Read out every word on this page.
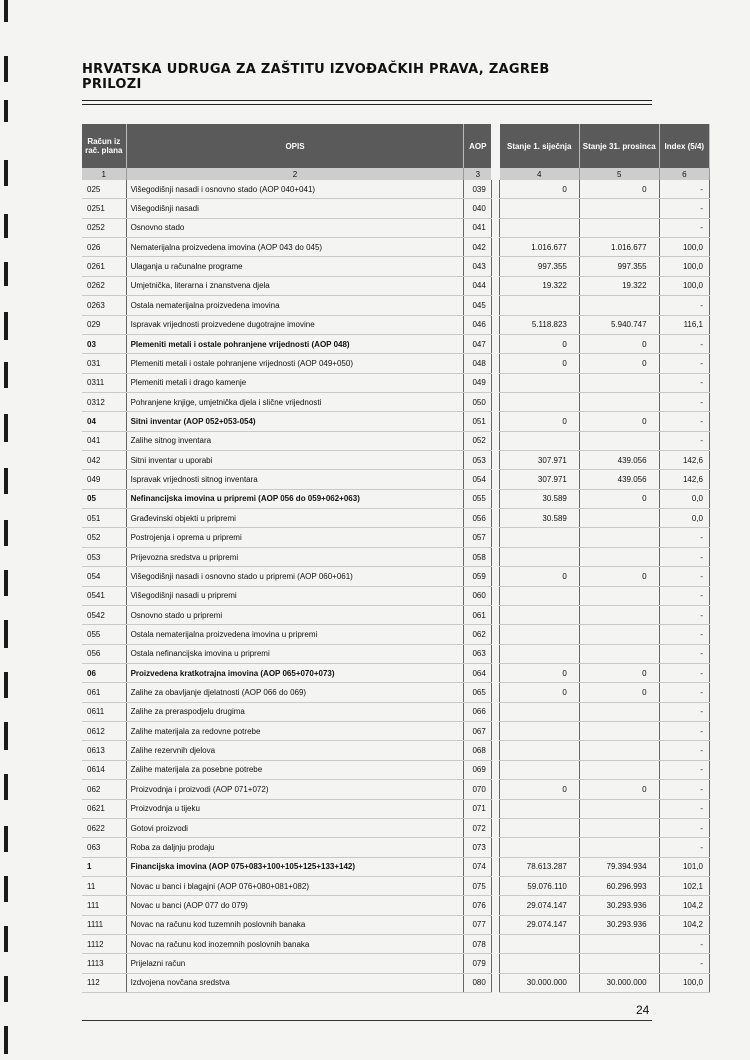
HRVATSKA UDRUGA ZA ZAŠTITU IZVOĐAČKIH PRAVA, ZAGREB
PRILOZI
Račun iz rač. plana	OPIS	AOP		Stanje 1. siječnja	Stanje 31. prosinca	Index (5/4)
1	2	3		4	5	6
025	Višegodišnji nasadi i osnovno stado (AOP 040+041)	039		0	0	-
0251	Višegodišnji nasadi	040				-
0252	Osnovno stado	041				-
026	Nematerijalna proizvedena imovina (AOP 043 do 045)	042		1.016.677	1.016.677	100,0
0261	Ulaganja u računalne programe	043		997.355	997.355	100,0
0262	Umjetnička, literarna i znanstvena djela	044		19.322	19.322	100,0
0263	Ostala nematerijalna proizvedena imovina	045				-
029	Ispravak vrijednosti proizvedene dugotrajne imovine	046		5.118.823	5.940.747	116,1
03	Plemeniti metali i ostale pohranjene vrijednosti (AOP 048)	047		0	0	-
031	Plemeniti metali i ostale pohranjene vrijednosti (AOP 049+050)	048		0	0	-
0311	Plemeniti metali i drago kamenje	049				-
0312	Pohranjene knjige, umjetnička djela i slične vrijednosti	050				-
04	Sitni inventar (AOP 052+053-054)	051		0	0	-
041	Zalihe sitnog inventara	052				-
042	Sitni inventar u uporabi	053		307.971	439.056	142,6
049	Ispravak vrijednosti sitnog inventara	054		307.971	439.056	142,6
05	Nefinancijska imovina u pripremi (AOP 056 do 059+062+063)	055		30.589	0	0,0
051	Građevinski objekti u pripremi	056		30.589		0,0
052	Postrojenja i oprema u pripremi	057				-
053	Prijevozna sredstva u pripremi	058				-
054	Višegodišnji nasadi i osnovno stado u pripremi (AOP 060+061)	059		0	0	-
0541	Višegodišnji nasadi u pripremi	060				-
0542	Osnovno stado u pripremi	061				-
055	Ostala nematerijalna proizvedena imovina u pripremi	062				-
056	Ostala nefinancijska imovina u pripremi	063				-
06	Proizvedena kratkotrajna imovina (AOP 065+070+073)	064		0	0	-
061	Zalihe za obavljanje djelatnosti (AOP 066 do 069)	065		0	0	-
0611	Zalihe za preraspodjelu drugima	066				-
0612	Zalihe materijala za redovne potrebe	067				-
0613	Zalihe rezervnih djelova	068				-
0614	Zalihe materijala za posebne potrebe	069				-
062	Proizvodnja i proizvodi (AOP 071+072)	070		0	0	-
0621	Proizvodnja u tijeku	071				-
0622	Gotovi proizvodi	072				-
063	Roba za daljnju prodaju	073				-
1	Financijska imovina (AOP 075+083+100+105+125+133+142)	074		78.613.287	79.394.934	101,0
11	Novac u banci i blagajni (AOP 076+080+081+082)	075		59.076.110	60.296.993	102,1
111	Novac u banci (AOP 077 do 079)	076		29.074.147	30.293.936	104,2
1111	Novac na računu kod tuzemnih poslovnih banaka	077		29.074.147	30.293.936	104,2
1112	Novac na računu kod inozemnih poslovnih banaka	078				-
1113	Prijelazni račun	079				-
112	Izdvojena novčana sredstva	080		30.000.000	30.000.000	100,0
24
